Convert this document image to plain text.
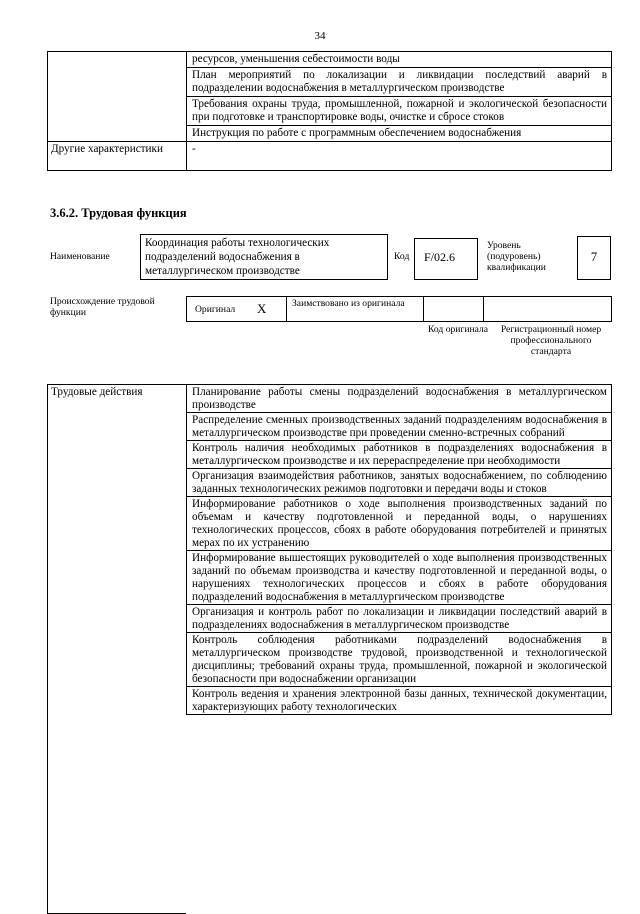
34
	ресурсов, уменьшения себестоимости воды
	План мероприятий по локализации и ликвидации последствий аварий в подразделении водоснабжения в металлургическом производстве
	Требования охраны труда, промышленной, пожарной и экологической безопасности при подготовке и транспортировке воды, очистке и сбросе стоков
	Инструкция по работе с программным обеспечением водоснабжения
Другие характеристики	-
3.6.2. Трудовая функция
Наименование
Координация работы технологических подразделений водоснабжения в металлургическом производстве
Код	F/02.6
Уровень (подуровень) квалификации
7
Происхождение трудовой функции	Оригинал X	Заимствовано из оригинала
Код оригинала Регистрационный номер профессионального стандарта
Трудовые действия	Планирование работы смены подразделений водоснабжения в металлургическом производстве
Распределение сменных производственных заданий подразделениям водоснабжения в металлургическом производстве при проведении сменно-встречных собраний
Контроль наличия необходимых работников в подразделениях водоснабжения в металлургическом производстве и их перераспределение при необходимости
Организация взаимодействия работников, занятых водоснабжением, по соблюдению заданных технологических режимов подготовки и передачи воды и стоков
Информирование работников о ходе выполнения производственных заданий по объемам и качеству подготовленной и переданной воды, о нарушениях технологических процессов, сбоях в работе оборудования потребителей и принятых мерах по их устранению
Информирование вышестоящих руководителей о ходе выполнения производственных заданий по объемам производства и качеству подготовленной и переданной воды, о нарушениях технологических процессов и сбоях в работе оборудования подразделений водоснабжения в металлургическом производстве
Организация и контроль работ по локализации и ликвидации последствий аварий в подразделениях водоснабжения в металлургическом производстве
Контроль соблюдения работниками подразделений водоснабжения в металлургическом производстве трудовой, производственной и технологической дисциплины; требований охраны труда, промышленной, пожарной и экологической безопасности при водоснабжении организации
Контроль ведения и хранения электронной базы данных, технической документации, характеризующих работу технологических
